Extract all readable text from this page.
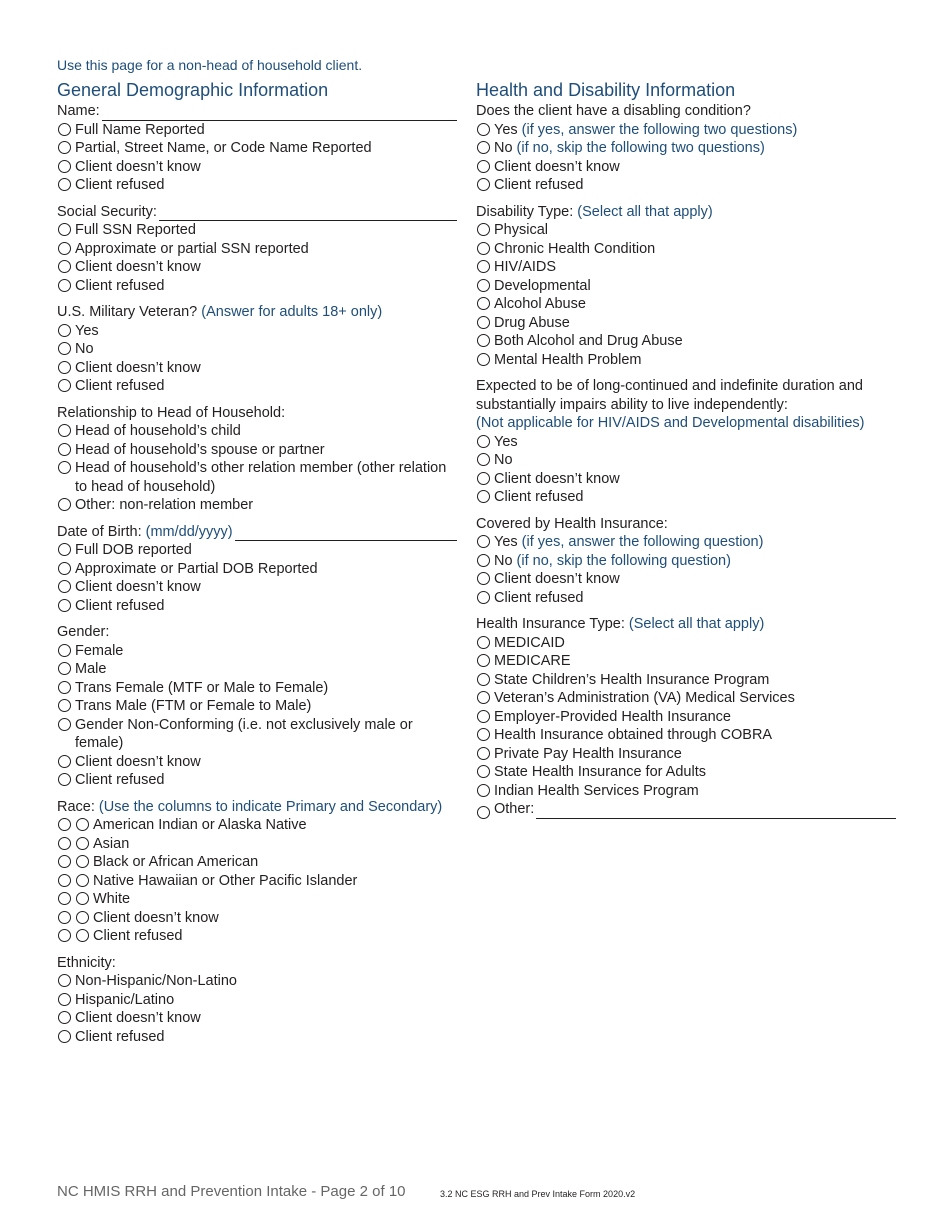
Use this page for a non-head of household client.
General Demographic Information
Name:
Full Name Reported
Partial, Street Name, or Code Name Reported
Client doesn’t know
Client refused
Social Security:
Full SSN Reported
Approximate or partial SSN reported
Client doesn’t know
Client refused
U.S. Military Veteran? (Answer for adults 18+ only)
Yes
No
Client doesn’t know
Client refused
Relationship to Head of Household:
Head of household’s child
Head of household’s spouse or partner
Head of household’s other relation member (other relation to head of household)
Other: non-relation member
Date of Birth: (mm/dd/yyyy)
Full DOB reported
Approximate or Partial DOB Reported
Client doesn’t know
Client refused
Gender:
Female
Male
Trans Female (MTF or Male to Female)
Trans Male (FTM or Female to Male)
Gender Non-Conforming (i.e. not exclusively male or female)
Client doesn’t know
Client refused
Race: (Use the columns to indicate Primary and Secondary)
American Indian or Alaska Native
Asian
Black or African American
Native Hawaiian or Other Pacific Islander
White
Client doesn’t know
Client refused
Ethnicity:
Non-Hispanic/Non-Latino
Hispanic/Latino
Client doesn’t know
Client refused
Health and Disability Information
Does the client have a disabling condition?
Yes (if yes, answer the following two questions)
No (if no, skip the following two questions)
Client doesn’t know
Client refused
Disability Type: (Select all that apply)
Physical
Chronic Health Condition
HIV/AIDS
Developmental
Alcohol Abuse
Drug Abuse
Both Alcohol and Drug Abuse
Mental Health Problem
Expected to be of long-continued and indefinite duration and substantially impairs ability to live independently:
(Not applicable for HIV/AIDS and Developmental disabilities)
Yes
No
Client doesn’t know
Client refused
Covered by Health Insurance:
Yes (if yes, answer the following question)
No (if no, skip the following question)
Client doesn’t know
Client refused
Health Insurance Type: (Select all that apply)
MEDICAID
MEDICARE
State Children’s Health Insurance Program
Veteran’s Administration (VA) Medical Services
Employer-Provided Health Insurance
Health Insurance obtained through COBRA
Private Pay Health Insurance
State Health Insurance for Adults
Indian Health Services Program
Other:
NC HMIS RRH and Prevention Intake - Page 2 of 10	3.2 NC ESG RRH and Prev Intake Form 2020.v2
